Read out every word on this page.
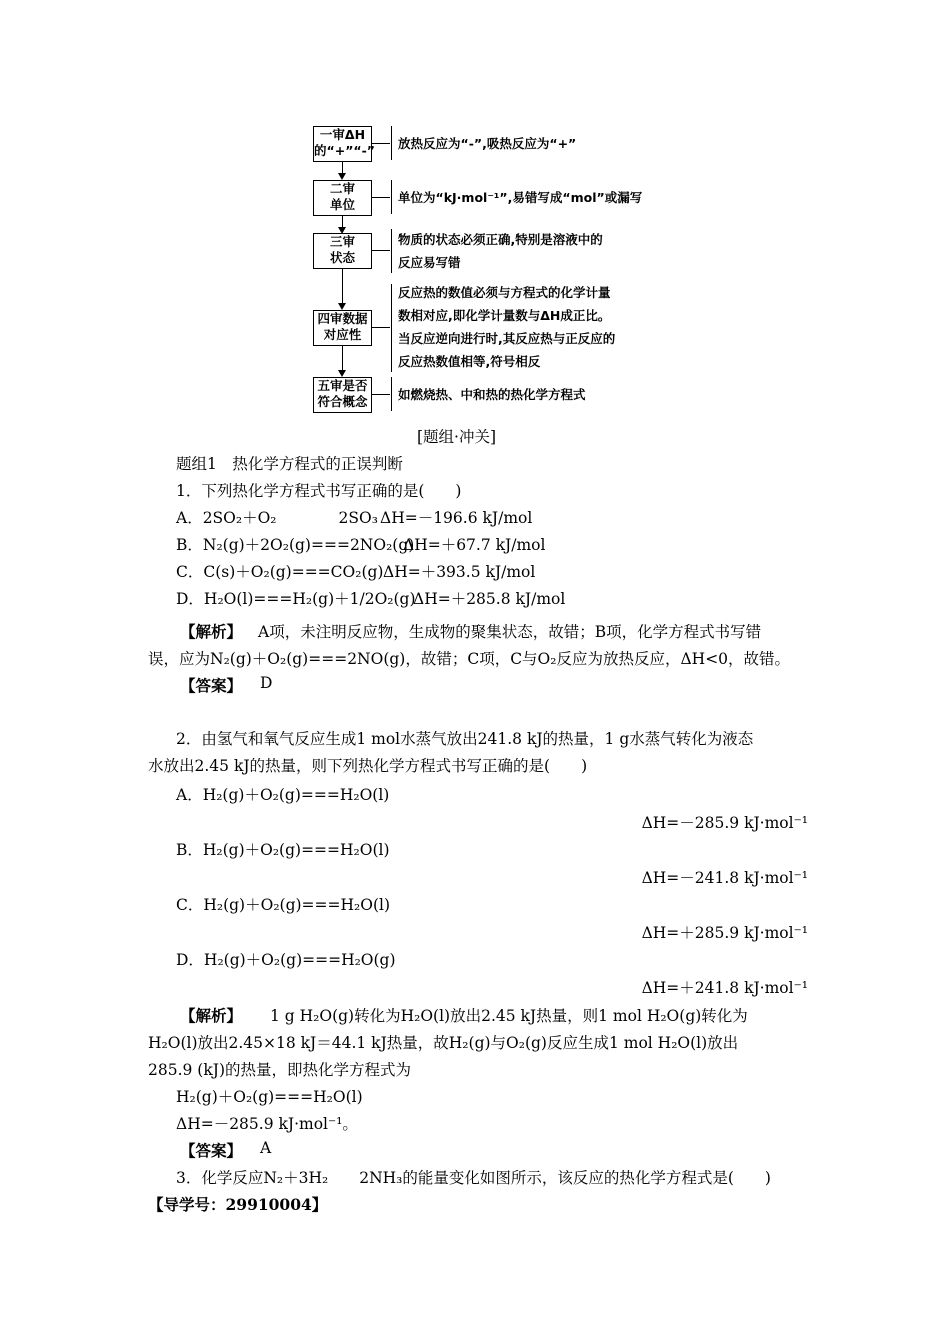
一审ΔH
的“+”“-” 放热反应为“-”,吸热反应为“+”
二审
单位	单位为“kJ·mol⁻¹”,易错写成“mol”或漏写
三审
状态
物质的状态必须正确,特别是溶液中的
反应易写错
四审数据
对应性
反应热的数值必须与方程式的化学计量
数相对应,即化学计量数与ΔH成正比。
当反应逆向进行时,其反应热与正反应的
反应热数值相等,符号相反
五审是否
符合概念 如燃烧热、中和热的热化学方程式
[题组·冲关]
题组1　热化学方程式的正误判断
1．下列热化学方程式书写正确的是(　　)
A．2SO₂＋O₂　　　　2SO₃ ΔH=－196.6 kJ/mol
B．N₂(g)＋2O₂(g)===2NO₂(g)
ΔH=＋67.7 kJ/mol
C．C(s)＋O₂(g)===CO₂(g) ΔH=＋393.5 kJ/mol
D．H₂O(l)===H₂(g)＋1/2O₂(g)
ΔH=＋285.8 kJ/mol
【解析】 A项，未注明反应物，生成物的聚集状态，故错；B项，化学方程式书写错
误，应为N₂(g)＋O₂(g)===2NO(g)，故错；C项，C与O₂反应为放热反应，ΔH<0，故错。
【答案】 D
2．由氢气和氧气反应生成1 mol水蒸气放出241.8 kJ的热量，1 g水蒸气转化为液态
水放出2.45 kJ的热量，则下列热化学方程式书写正确的是(　　)
A．H₂(g)＋O₂(g)===H₂O(l)
ΔH=－285.9 kJ·mol⁻¹
B．H₂(g)＋O₂(g)===H₂O(l)
ΔH=－241.8 kJ·mol⁻¹
C．H₂(g)＋O₂(g)===H₂O(l)
ΔH=＋285.9 kJ·mol⁻¹
D．H₂(g)＋O₂(g)===H₂O(g)
ΔH=＋241.8 kJ·mol⁻¹
【解析】 1 g H₂O(g)转化为H₂O(l)放出2.45 kJ热量，则1 mol H₂O(g)转化为
H₂O(l)放出2.45×18 kJ＝44.1 kJ热量，故H₂(g)与O₂(g)反应生成1 mol H₂O(l)放出
285.9 (kJ)的热量，即热化学方程式为
H₂(g)＋O₂(g)===H₂O(l)
ΔH=－285.9 kJ·mol⁻¹。
【答案】 A
3．化学反应N₂＋3H₂　　2NH₃的能量变化如图所示，该反应的热化学方程式是(　　)
【导学号：29910004】
